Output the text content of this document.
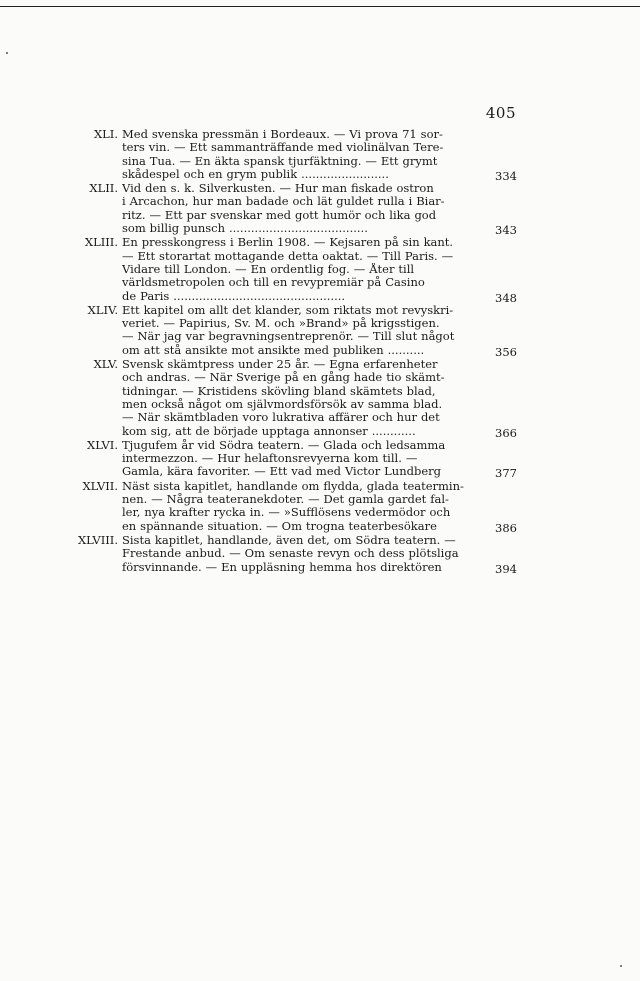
405
XLI. Med svenska pressmän i Bordeaux. — Vi prova 71 sor-
ters vin. — Ett sammanträffande med violinälvan Tere-
sina Tua. — En äkta spansk tjurfäktning. — Ett grymt
skådespel och en grym publik ........................	334
XLII. Vid den s. k. Silverkusten. — Hur man fiskade ostron
i Arcachon, hur man badade och lät guldet rulla i Biar-
ritz. — Ett par svenskar med gott humör och lika god
som billig punsch ......................................	343
XLIII. En presskongress i Berlin 1908. — Kejsaren på sin kant.
— Ett storartat mottagande detta oaktat. — Till Paris. —
Vidare till London. — En ordentlig fog. — Åter till
världsmetropolen och till en revypremiär på Casino
de Paris ...............................................	348
XLIV. Ett kapitel om allt det klander, som riktats mot revyskri-
veriet. — Papirius, Sv. M. och »Brand» på krigsstigen.
— När jag var begravningsentreprenör. — Till slut något
om att stå ansikte mot ansikte med publiken ..........	356
XLV. Svensk skämtpress under 25 år. — Egna erfarenheter
och andras. — När Sverige på en gång hade tio skämt-
tidningar. — Kristidens skövling bland skämtets blad,
men också något om självmordsförsök av samma blad.
— När skämtbladen voro lukrativa affärer och hur det
kom sig, att de började upptaga annonser ............	366
XLVI. Tjugufem år vid Södra teatern. — Glada och ledsamma
intermezzon. — Hur helaftonsrevyerna kom till. —
Gamla, kära favoriter. — Ett vad med Victor Lundberg	377
XLVII. Näst sista kapitlet, handlande om flydda, glada teatermin-
nen. — Några teateranekdoter. — Det gamla gardet fal-
ler, nya krafter rycka in. — »Sufflösens vedermödor och
en spännande situation. — Om trogna teaterbesökare	386
XLVIII. Sista kapitlet, handlande, även det, om Södra teatern. —
Frestande anbud. — Om senaste revyn och dess plötsliga
försvinnande. — En uppläsning hemma hos direktören	394
